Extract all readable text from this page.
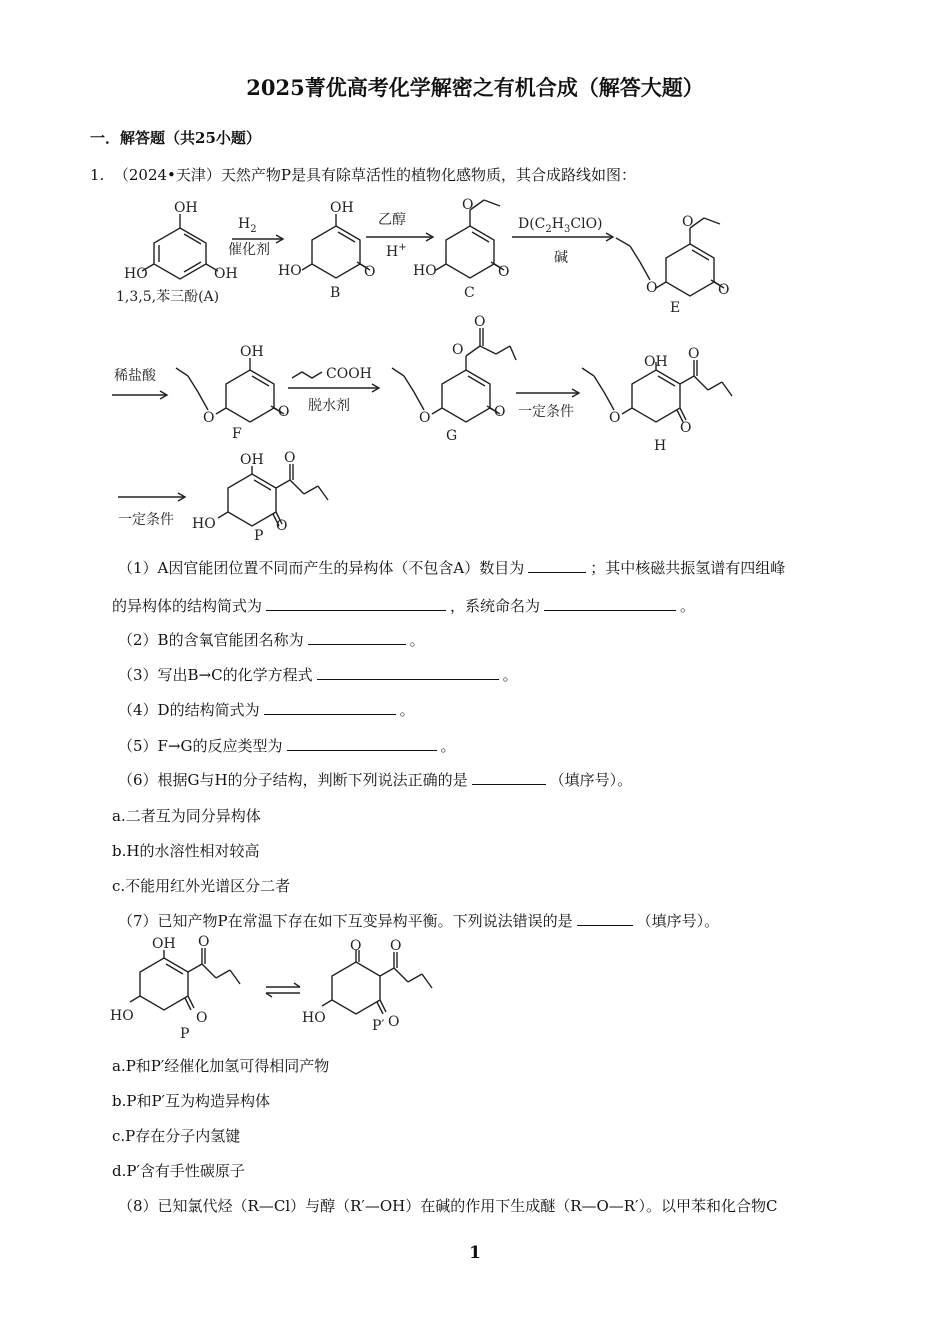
2025菁优高考化学解密之有机合成（解答大题）
一．解答题（共25小题）
1. （2024•天津）天然产物P是具有除草活性的植物化感物质，其合成路线如图：
OH
HO	OH
1,3,5,苯三酚(A)
$H_2$
催化剂
OH
HO	O
B
乙醇
H+
O
HO	O
C
$D(C_2H_3ClO)$
碱
O
O	O
E
稀盐酸
OH
O	O
F
COOH
脱水剂
O
O
O	O
G
一定条件
OH O
O
O
H
一定条件
OH O
HO	O
P
OH O
HO	O
P
O O
HO	O
P′
（1）A因官能团位置不同而产生的异构体（不包含A）数目为	；其中核磁共振氢谱有四组峰
的异构体的结构简式为	，系统命名为	。
（2）B的含氧官能团名称为	。
（3）写出B→C的化学方程式	。
（4）D的结构简式为	。
（5）F→G的反应类型为	。
（6）根据G与H的分子结构，判断下列说法正确的是	（填序号）。
a.二者互为同分异构体
b.H的水溶性相对较高
c.不能用红外光谱区分二者
（7）已知产物P在常温下存在如下互变异构平衡。下列说法错误的是	（填序号）。
a.P和P′经催化加氢可得相同产物
b.P和P′互为构造异构体
c.P存在分子内氢键
d.P′含有手性碳原子
（8）已知氯代烃（R—Cl）与醇（R′—OH）在碱的作用下生成醚（R—O—R′）。以甲苯和化合物C
1
